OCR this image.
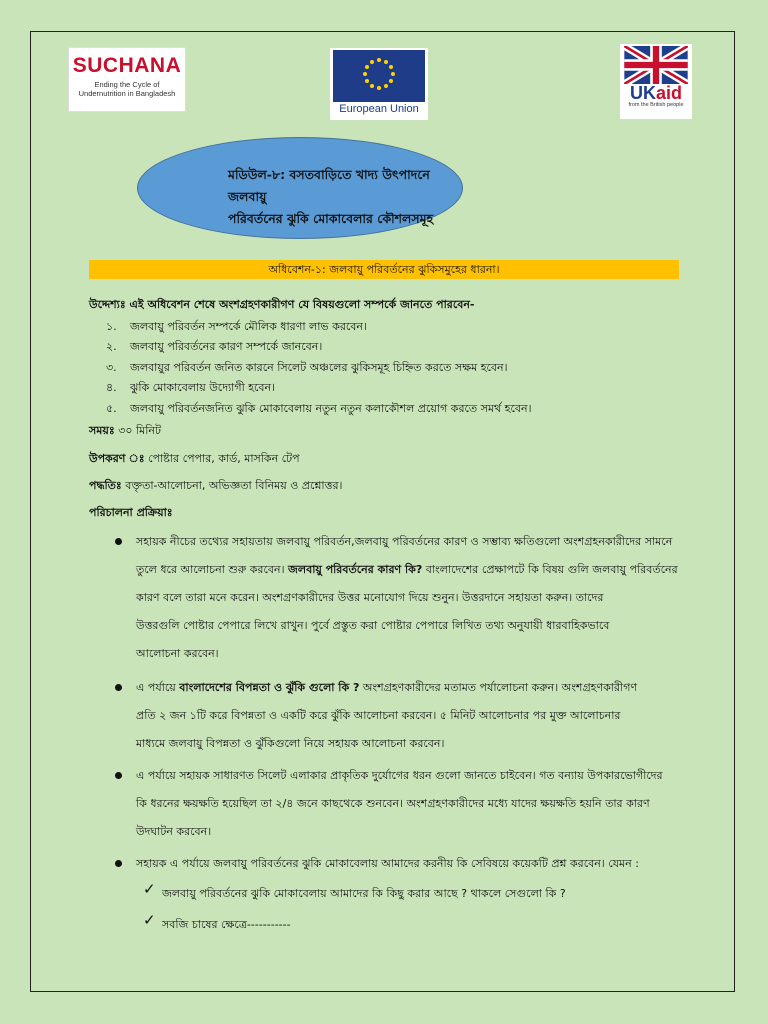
SUCHANA
Ending the Cycle of
Undernutrition in Bangladesh
European Union
UKaid
from the British people
মডিউল-৮: বসতবাড়িতে খাদ্য উৎপাদনে জলবায়ু
পরিবর্তনের ঝুকি মোকাবেলার কৌশলসমূহ
অধিবেশন-১: জলবায়ু পরিবর্তনের ঝুকিসমুহের ধারনা।
উদ্দেশ্যঃ এই অধিবেশন শেষে অংশগ্রহণকারীগণ যে বিষয়গুলো সম্পর্কে জানতে পারবেন-
১. জলবায়ু পরিবর্তন সম্পর্কে মৌলিক ধারণা লাভ করবেন।
২. জলবায়ু পরিবর্তনের কারণ সম্পর্কে জানবেন।
৩. জলবায়ুর পরিবর্তন জনিত কারনে সিলেট অঞ্চলের ঝুকিসমূহ চিহ্নিত করতে সক্ষম হবেন।
৪. ঝুকি মোকাবেলায় উদ্যোগী হবেন।
৫. জলবায়ু পরিবর্তনজনিত ঝুকি মোকাবেলায় নতুন নতুন কলাকৌশল প্রয়োগ করতে সমর্থ হবেন।
সময়ঃ ৩০ মিনিট
উপকরণ ঃ পোষ্টার পেপার, কার্ড, মাসকিন টেপ
পদ্ধতিঃ বক্তৃতা-আলোচনা, অভিজ্ঞতা বিনিময় ও প্রশ্নোত্তর।
পরিচালনা প্রক্রিয়াঃ
সহায়ক নীচের তথ্যের সহায়তায় জলবায়ু পরিবর্তন,জলবায়ু পরিবর্তনের কারণ ও সম্ভাব্য ক্ষতিগুলো অংশগ্রহনকারীদের সামনে
তুলে ধরে আলোচনা শুরু করবেন। জলবায়ু পরিবর্তনের কারণ কি? বাংলাদেশের প্রেক্ষাপটে কি বিষয় গুলি জলবায়ু পরিবর্তনের
কারণ বলে তারা মনে করেন। অংশগ্রণকারীদের উত্তর মনোযোগ দিয়ে শুনুন। উত্তরদানে সহায়তা করুন। তাদের
উত্তরগুলি পোষ্টার পেপারে লিখে রাখুন। পুর্বে প্রস্তুত করা পোষ্টার পেপারে লিখিত তথ্য অনুযায়ী ধারবাহিকভাবে
আলোচনা করবেন।
এ পর্যায়ে বাংলাদেশের বিপন্নতা ও ঝুঁকি গুলো কি ? অংশগ্রহণকারীদের মতামত পর্যালোচনা করুন। অংশগ্রহণকারীগণ
প্রতি ২ জন ১টি করে বিপন্নতা ও একটি করে ঝুঁকি আলোচনা করবেন। ৫ মিনিট আলোচনার পর মুক্ত আলোচনার
মাধ্যমে জলবায়ু বিপন্নতা ও ঝুঁকিগুলো নিয়ে সহায়ক আলোচনা করবেন।
এ পর্যায়ে সহায়ক সাধারণত সিলেট এলাকার প্রাকৃতিক দুর্যোগের ধরন গুলো জানতে চাইবেন। গত বন্যায় উপকারভোগীদের
কি ধরনের ক্ষয়ক্ষতি হয়েছিল তা ২/৪ জনে কাছথেকে শুনবেন। অংশগ্রহণকারীদের মধ্যে যাদের ক্ষয়ক্ষতি হয়নি তার কারণ
উদঘাটন করবেন।
সহায়ক এ পর্যায়ে জলবায়ু পরিবর্তনের ঝুকি মোকাবেলায় আমাদের করনীয় কি সেবিষয়ে কয়েকটি প্রশ্ন করবেন। যেমন :
✓ জলবায়ু পরিবর্তনের ঝুকি মোকাবেলায় আমাদের কি কিছু করার আছে ? থাকলে সেগুলো কি ?
✓ সবজি চাষের ক্ষেত্রে-----------
